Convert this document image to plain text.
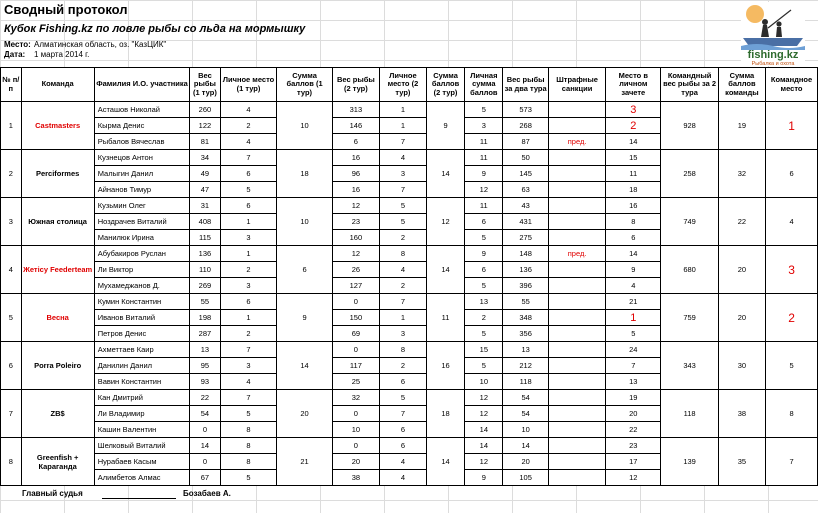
Сводный протокол
Кубок Fishing.kz по ловле рыбы со льда на мормышку
Место: Алматинская область, оз. "КазЦИК"
Дата: 1 марта 2014 г.	fishing.kz
Рыбалка и охота
№ п/п	Команда	Фамилия И.О. участника	Вес рыбы (1 тур)	Личное место (1 тур)	Сумма баллов (1 тур)	Вес рыбы (2 тур)	Личное место (2 тур)	Сумма баллов (2 тур)	Личная сумма баллов	Вес рыбы за два тура	Штрафные санкции	Место в личном зачете	Командный вес рыбы за 2 тура	Сумма баллов команды	Командное место
1	Castmasters	Асташов Николай	260	4	10	313	1	9	5	573		3	928	19	1
		Кырма Денис	122	2		146	1		3	268		2			
		Рыбалов Вячеслав	81	4		6	7		11	87	пред.	14			
2	Perciformes	Кузнецов Антон	34	7	18	16	4	14	11	50		15	258	32	6
		Малыгин Данил	49	6		96	3		9	145		11			
		Айнанов Тимур	47	5		16	7		12	63		18			
3	Южная столица	Кузьмин Олег	31	6	10	12	5	12	11	43		16	749	22	4
		Ноздрачев Виталий	408	1		23	5		6	431		8			
		Манилюк Ирина	115	3		160	2		5	275		6			
4	Жетісу Feederteam	Абубакиров Руслан	136	1	6	12	8	14	9	148	пред.	14	680	20	3
		Ли Виктор	110	2		26	4		6	136		9			
		Мухамеджанов Д.	269	3		127	2		5	396		4			
5	Весна	Кумин Константин	55	6	9	0	7	11	13	55		21	759	20	2
		Иванов Виталий	198	1		150	1		2	348		1			
		Петров Денис	287	2		69	3		5	356		5			
6	Porra Poleiro	Ахметтаев Каир	13	7	14	0	8	16	15	13		24	343	30	5
		Данилин Данил	95	3		117	2		5	212		7			
		Вавин Константин	93	4		25	6		10	118		13			
7	ZB$	Кан Дмитрий	22	7	20	32	5	18	12	54		19	118	38	8
		Ли Владимир	54	5		0	7		12	54		20			
		Кашин Валентин	0	8		10	6		14	10		22			
8	Greenfish + Караганда	Шелковый Виталий	14	8	21	0	6	14	14	14		23	139	35	7
		Нурабаев Касым	0	8		20	4		12	20		17			
		Алимбетов Алмас	67	5		38	4		9	105		12			
Главный судья	Бозабаев А.
